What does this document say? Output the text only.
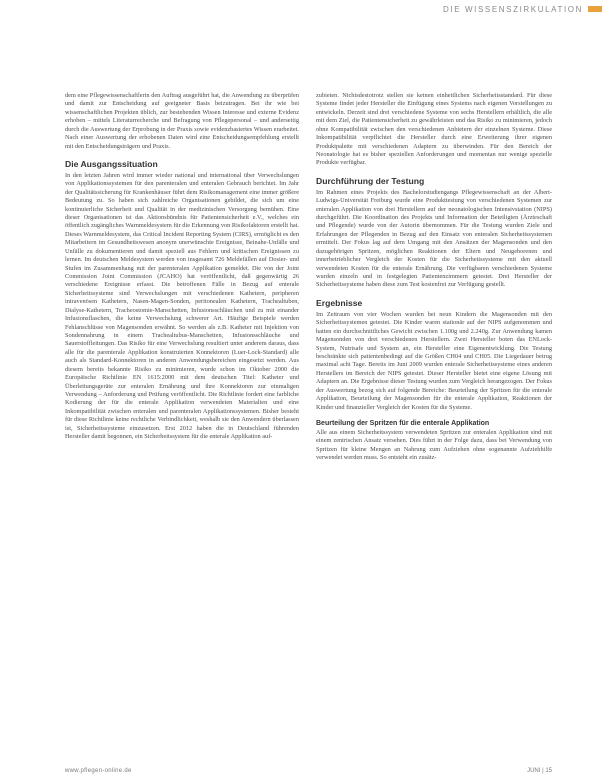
DIE WISSENSZIRKULATION

dem eine Pflegewissenschaftlerin den Auftrag ausgeführt hat, die Anwendung zu überprüfen und damit zur Entscheidung auf geeigneter Basis beizutragen. Bei ihr wie bei wissenschaftlichen Projekten üblich, zur bestehenden Wissen Interesse und externe Evidenz erhoben – mittels Literaturrecherche und Befragung von Pflegepersonal – und anderseitig durch die Auswertung der Erprobung in der Praxis sowie evidenzbasiertes Wissen erarbeitet. Nach einer Auswertung der erhobenen Daten wird eine Entscheidungsempfehlung erstellt mit den Entscheidungsträgern und Praxis.

Die Ausgangssituation

In den letzten Jahren wird immer wieder national und international über Verwechslungen von Applikationssystemen für den parenteralen und enteralen Gebrauch berichtet. Im Jahr der Qualitätssicherung für Krankenhäuser führt dem Risikomanagement eine immer größere Bedeutung zu. So haben sich zahlreiche Organisationen gebildet, die sich um eine kontinuierliche Sicherheit und Qualität in der medizinischen Versorgung bemühen. Eine dieser Organisationen ist das Aktionsbündnis für Patientensicherheit e.V., welches ein öffentlich zugängliches Warnmeldesystem für die Erkennung von Risikofaktoren erstellt hat. Dieses Warnmeldesystem, das Critical Incident Reporting System (CIRS), ermöglicht es den Mitarbeitern im Gesundheitswesen anonym unerwünschte Ereignisse, Beinahe-Unfälle und Unfälle zu dokumentieren und damit speziell aus Fehlern und kritischen Ereignissen zu lernen. Im deutschen Meldesystem werden von insgesamt 726 Meldefällen auf Dosier- und Stufen im Zusammenhang mit der parenteralen Applikation gemeldet. Die von der Joint Commission Joint Commission (JCAHO) hat veröffentlicht, daß gegenwärtig 26 verschiedene Ereignisse erfasst. Die betroffenen Fälle in Bezug auf enterale Sicherheitssysteme sind Verwechslungen mit verschiedenen Kathetern, peripheren intravenösen Kathetern, Nasen-Magen-Sonden, peritonealen Kathetern, Trachealtuben, Dialyse-Kathetern, Tracheostomie-Manschetten, Infusionsschläuchen und zu mit einander Infusionsflaschen, die keine Verwechslung schwerer Art. Häufige Beispiele werden Fehlanschlüsse von Magensonden erwähnt. So werden als z.B. Katheter mit Injektion von Sondennahrung in einem Trachealtubus-Manschetten, Infusionsschläuche und Sauerstoffleitungen. Das Risiko für eine Verwechslung resultiert unter anderem daraus, dass alle für die parenterale Applikation konstruierten Konnektoren (Luer-Lock-Standard) alle auch als Standard-Konnektoren in anderen Anwendungsbereichen eingesetzt werden. Aus diesem bereits bekannte Risiko zu minimieren, wurde schon im Oktober 2000 die Europäische Richtlinie EN 1615:2000 mit dem deutschen Titel: Katheter und Überleitungsgeräte zur enteralen Ernährung und ihre Konnektoren zur einmaligen Verwendung – Anforderung und Prüfung veröffentlicht. Die Richtlinie fordert eine farbliche Kodierung der für die enterale Applikation verwendeten Materialien und eine Inkompatibilität zwischen enteralen und parenteralen Applikationssystemen. Bisher besteht für diese Richtlinie keine rechtliche Verbindlichkeit, weshalb sie den Anwendern überlassen ist, Sicherheitssysteme einzusetzen. Erst 2012 haben die in Deutschland führenden Hersteller damit begonnen, ein Sicherheitssystem für die enterale Applikation auf-

zubieten. Nichtsdestotrotz stellen sie keinen einheitlichen Sicherheitsstandard. Für diese Systeme findet jeder Hersteller die Einfügung eines Systems nach eigenen Vorstellungen zu entwickeln. Derzeit sind drei verschiedene Systeme von sechs Herstellern erhältlich, die alle mit dem Ziel, die Patientensicherheit zu gewährleisten und das Risiko zu minimieren, jedoch ohne Kompatibilität zwischen den verschiedenen Anbietern der einzelnen Systeme. Diese Inkompatibilität verpflichtet die Hersteller durch eine Erweiterung ihrer eigenen Produktpalette mit verschiedenen Adaptern zu überwinden. Für den Bereich der Neonatologie hat es bisher speziellen Anforderungen und momentan nur wenige spezielle Produkte verfügbar.

Durchführung der Testung

Im Rahmen eines Projekts des Bachelorstudiengangs Pflegewissenschaft an der Albert-Ludwigs-Universität Freiburg wurde eine Produkttestung von verschiedenen Systemen zur enteralen Applikation von drei Herstellern auf der neonatologischen Intensivstation (NIPS) durchgeführt. Die Koordination des Projekts und Information der Beteiligten (Ärzteschaft und Pflegende) wurde von der Autorin übernommen. Für die Testung wurden Ziele und Erfahrungen der Pflegenden in Bezug auf den Einsatz von enteralen Sicherheitssystemen ermittelt. Der Fokus lag auf dem Umgang mit den Ansätzen der Magensonden und den dazugehörigen Spritzen, möglichen Reaktionen der Eltern und Neugeborenen und innerbetrieblicher Vergleich der Kosten für die Sicherheitssysteme mit den aktuell verwendeten Kosten für die enterale Ernährung. Die verfügbaren verschiedenen Systeme wurden einzeln und in festgelegten Patientenzimmern getestet. Drei Hersteller der Sicherheitssysteme haben diese zum Test kostenfrei zur Verfügung gestellt.

Ergebnisse

Im Zeitraum von vier Wochen wurden bei neun Kindern die Magensonden mit den Sicherheitssystemen getestet. Die Kinder waren stationär auf der NIPS aufgenommen und hatten ein durchschnittliches Gewicht zwischen 1.100g und 2.240g. Zur Anwendung kamen Magensonden von drei verschiedenen Herstellern. Zwei Hersteller boten das ENLock-System, Nutrisafe und System an, ein Hersteller eine Eigenentwicklung. Die Testung beschränkte sich patientenbedingt auf die Größen CH04 und CH05. Die Liegedauer betrug maximal acht Tage. Bereits im Juni 2009 wurden enterale Sicherheitssysteme eines anderen Herstellers im Bereich der NIPS getestet. Dieser Hersteller bietet eine eigene Lösung mit Adaptern an. Die Ergebnisse dieser Testung wurden zum Vergleich herangezogen. Der Fokus der Auswertung bezog sich auf folgende Bereiche: Beurteilung der Spritzen für die enterale Applikation, Beurteilung der Magensonden für die enterale Applikation, Reaktionen der Kinder und finanzieller Vergleich der Kosten für die Systeme.

Beurteilung der Spritzen für die enterale Applikation

Alle aus einem Sicherheitssystem verwendeten Spritzen zur enteralen Applikation sind mit einem zentrischen Ansatz versehen. Dies führt in der Folge dazu, dass bei Verwendung von Spritzen für kleine Mengen an Nahrung zum Aufziehen ohne sogenannte Aufziehhilfe verwendet werden muss. So entsteht ein zusätz-

www.pflegen-online.de	JUNI | 15
